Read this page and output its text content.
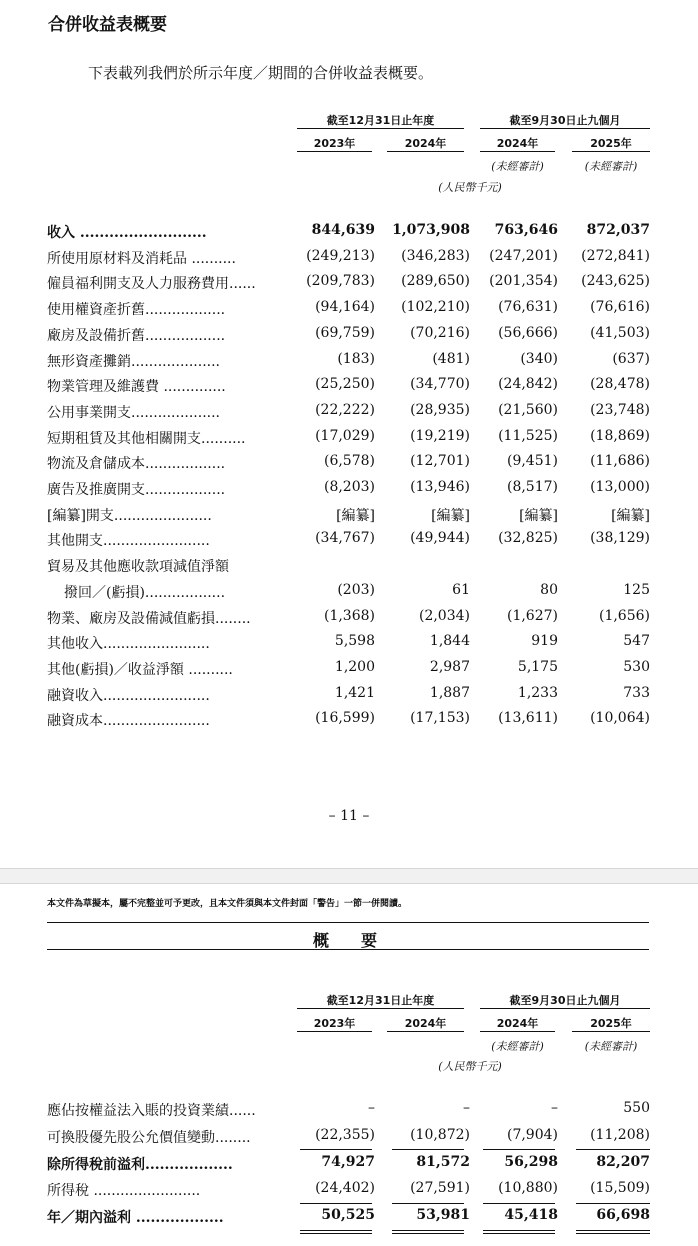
合併收益表概要
下表載列我們於所示年度／期間的合併收益表概要。
截至12月31日止年度	截至9月30日止九個月
2023年	2024年	2024年	2025年
(未經審計)	(未經審計)
(人民幣千元)
收入 ..........................	844,639 1,073,908	763,646	872,037
所使用原材料及消耗品 ..........	(249,213)	(346,283)	(247,201)	(272,841)
僱員福利開支及人力服務費用......	(209,783)	(289,650)	(201,354)	(243,625)
使用權資產折舊..................	(94,164)	(102,210)	(76,631)	(76,616)
廠房及設備折舊..................	(69,759)	(70,216)	(56,666)	(41,503)
無形資產攤銷....................	(183)	(481)	(340)	(637)
物業管理及維護費 ..............	(25,250)	(34,770)	(24,842)	(28,478)
公用事業開支....................	(22,222)	(28,935)	(21,560)	(23,748)
短期租賃及其他相關開支..........	(17,029)	(19,219)	(11,525)	(18,869)
物流及倉儲成本..................	(6,578)	(12,701)	(9,451)	(11,686)
廣告及推廣開支..................	(8,203)	(13,946)	(8,517)	(13,000)
[編纂]開支......................	[編纂]	[編纂]	[編纂]	[編纂]
其他開支........................	(34,767)	(49,944)	(32,825)	(38,129)
貿易及其他應收款項減值淨額
撥回／(虧損)..................	(203)	61	80	125
物業、廠房及設備減值虧損........	(1,368)	(2,034)	(1,627)	(1,656)
其他收入........................	5,598	1,844	919	547
其他(虧損)／收益淨額 ..........	1,200	2,987	5,175	530
融資收入........................	1,421	1,887	1,233	733
融資成本........................	(16,599)	(17,153)	(13,611)	(10,064)
– 11 –
本文件為草擬本，屬不完整並可予更改，且本文件須與本文件封面「警告」一節一併閱讀。
概　要
截至12月31日止年度	截至9月30日止九個月
2023年	2024年	2024年	2025年
(未經審計)	(未經審計)
(人民幣千元)
應佔按權益法入賬的投資業績......	–	–	–	550
可換股優先股公允價值變動........	(22,355)	(10,872)	(7,904)	(11,208)
除所得稅前溢利..................	74,927	81,572	56,298	82,207
所得稅 ........................	(24,402)	(27,591)	(10,880)	(15,509)
年／期內溢利 ..................	50,525	53,981	45,418	66,698
